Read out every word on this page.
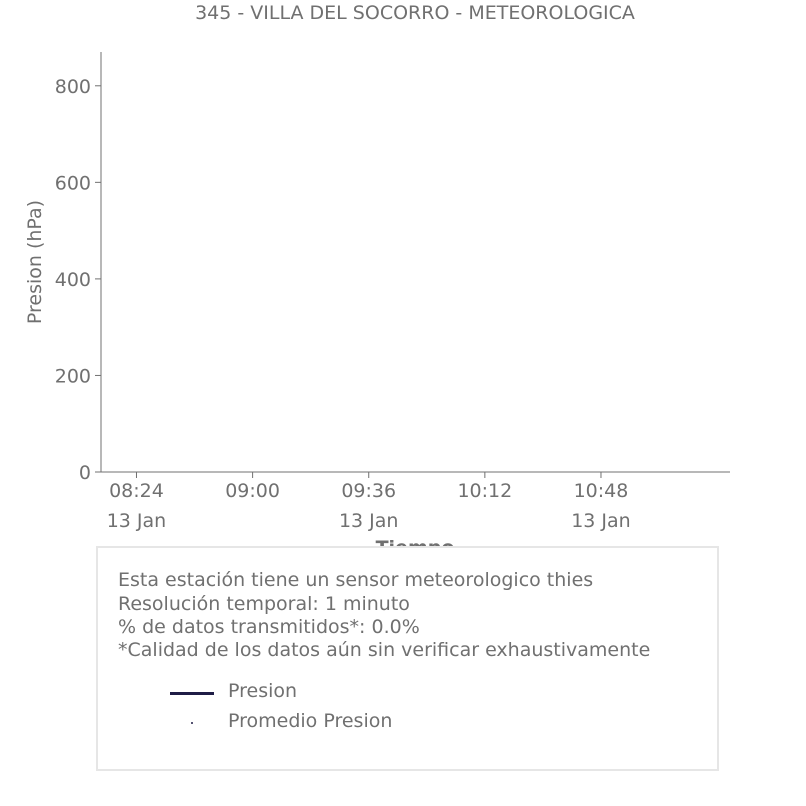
345 - VILLA DEL SOCORRO - METEOROLOGICA
0
200
400
600
800
08:24
13 Jan
09:00	09:36
13 Jan
10:12	10:48
13 Jan
Presion (hPa)
Esta estación tiene un sensor meteorologico thies
Resolución temporal: 1 minuto
% de datos transmitidos*: 0.0%
*Calidad de los datos aún sin verificar exhaustivamente
Presion
Promedio Presion
